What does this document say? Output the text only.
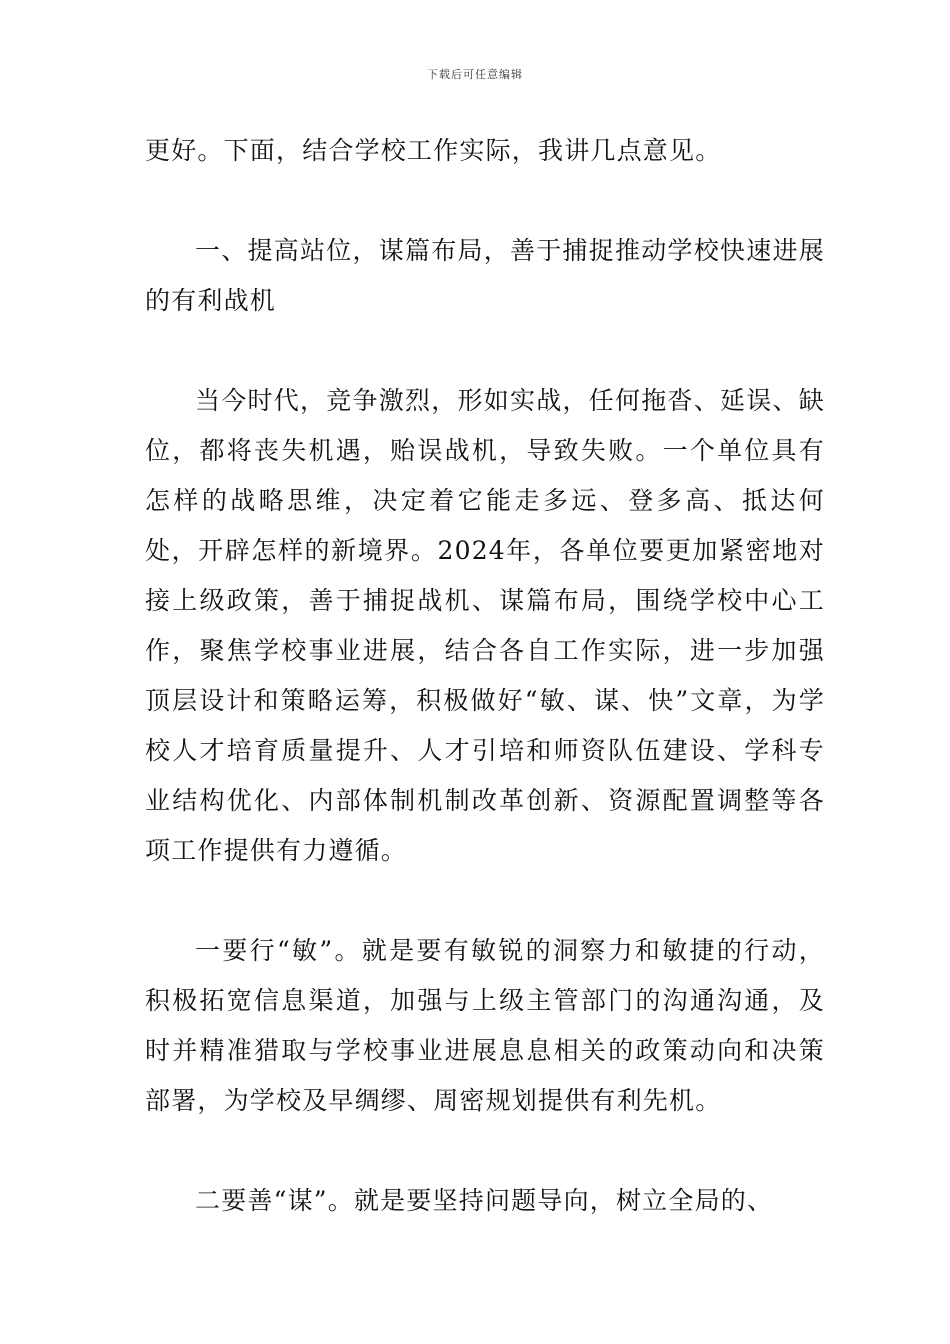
下载后可任意编辑

更好。下面，结合学校工作实际，我讲几点意见。

一、提高站位，谋篇布局，善于捕捉推动学校快速进展的有利战机

当今时代，竞争激烈，形如实战，任何拖沓、延误、缺位，都将丧失机遇，贻误战机，导致失败。一个单位具有怎样的战略思维，决定着它能走多远、登多高、抵达何处，开辟怎样的新境界。2024年，各单位要更加紧密地对接上级政策，善于捕捉战机、谋篇布局，围绕学校中心工作，聚焦学校事业进展，结合各自工作实际，进一步加强顶层设计和策略运筹，积极做好“敏、谋、快”文章，为学校人才培育质量提升、人才引培和师资队伍建设、学科专业结构优化、内部体制机制改革创新、资源配置调整等各项工作提供有力遵循。

一要行“敏”。就是要有敏锐的洞察力和敏捷的行动，积极拓宽信息渠道，加强与上级主管部门的沟通沟通，及时并精准猎取与学校事业进展息息相关的政策动向和决策部署，为学校及早绸缪、周密规划提供有利先机。

二要善“谋”。就是要坚持问题导向，树立全局的、
